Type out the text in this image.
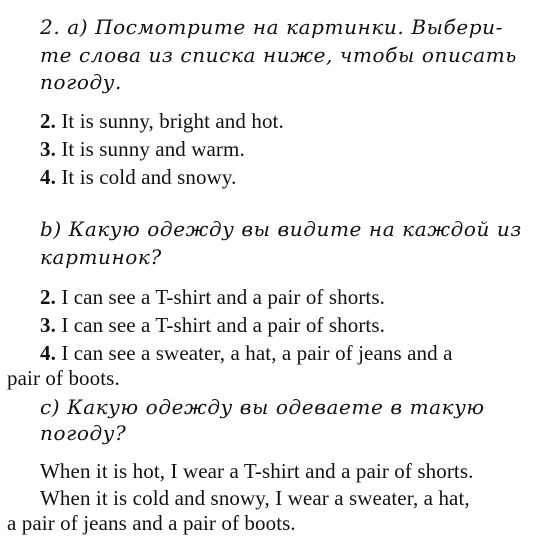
2. a) Посмотрите на картинки. Выбери-
те слова из списка ниже, чтобы описать
погоду.
2. It is sunny, bright and hot.
3. It is sunny and warm.
4. It is cold and snowy.
b) Какую одежду вы видите на каждой из
картинок?
2. I can see a T-shirt and a pair of shorts.
3. I can see a T-shirt and a pair of shorts.
4. I can see a sweater, a hat, a pair of jeans and a
pair of boots.
c) Какую одежду вы одеваете в такую
погоду?
When it is hot, I wear a T-shirt and a pair of shorts.
When it is cold and snowy, I wear a sweater, a hat,
a pair of jeans and a pair of boots.
